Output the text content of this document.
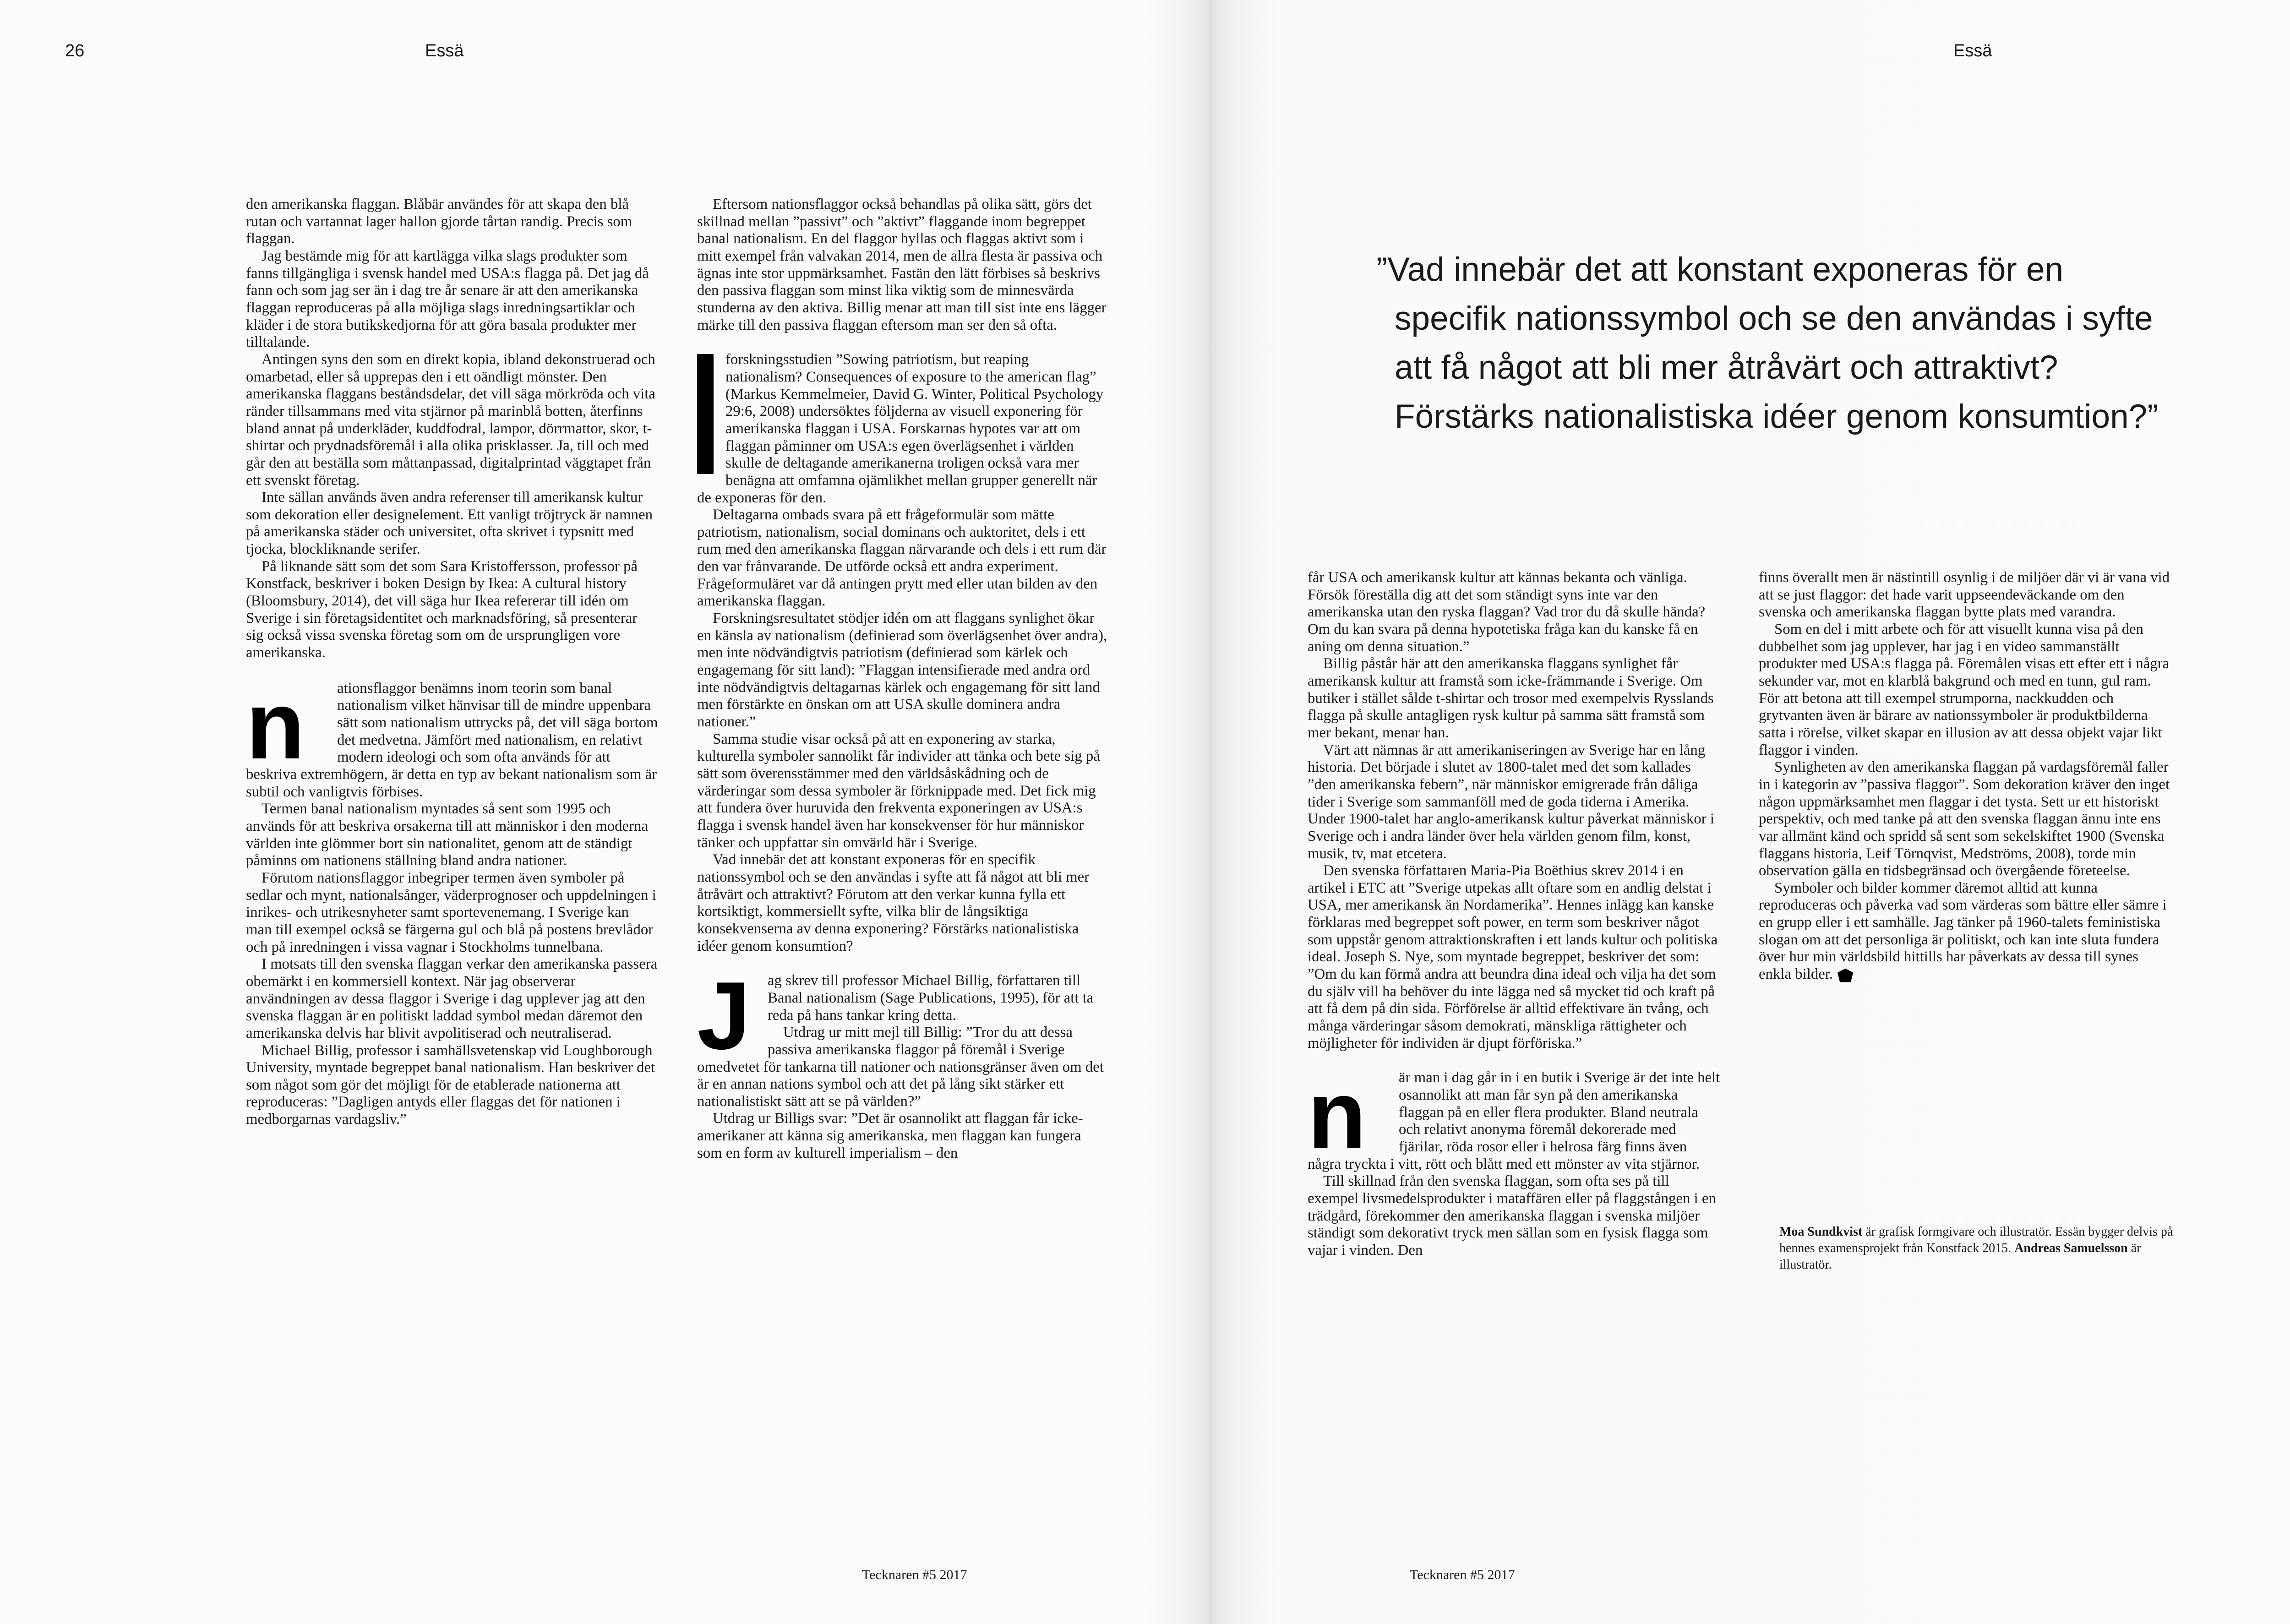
26	Essä

den amerikanska flaggan. Blåbär användes för att skapa den blå rutan och vartannat lager hallon gjorde tårtan randig. Precis som flaggan.

Jag bestämde mig för att kartlägga vilka slags produkter som fanns tillgängliga i svensk handel med USA:s flagga på. Det jag då fann och som jag ser än i dag tre år senare är att den amerikanska flaggan reproduceras på alla möjliga slags inredningsartiklar och kläder i de stora butikskedjorna för att göra basala produkter mer tilltalande.

Antingen syns den som en direkt kopia, ibland dekonstruerad och omarbetad, eller så upprepas den i ett oändligt mönster. Den amerikanska flaggans beståndsdelar, det vill säga mörkröda och vita ränder tillsammans med vita stjärnor på marinblå botten, återfinns bland annat på underkläder, kuddfodral, lampor, dörrmattor, skor, t-shirtar och prydnadsföremål i alla olika prisklasser. Ja, till och med går den att beställa som måttanpassad, digitalprintad väggtapet från ett svenskt företag.

Inte sällan används även andra referenser till amerikansk kultur som dekoration eller designelement. Ett vanligt tröjtryck är namnen på amerikanska städer och universitet, ofta skrivet i typsnitt med tjocka, blockliknande serifer.

På liknande sätt som det som Sara Kristoffersson, professor på Konstfack, beskriver i boken Design by Ikea: A cultural history (Bloomsbury, 2014), det vill säga hur Ikea refererar till idén om Sverige i sin företagsidentitet och marknadsföring, så presenterar sig också vissa svenska företag som om de ursprungligen vore amerikanska.

n	ationsflaggor benämns inom teorin som banal nationalism vilket hänvisar till de mindre uppenbara sätt som nationalism uttrycks på, det vill säga bortom det medvetna. Jämfört med nationalism, en relativt modern ideologi och som ofta används för att beskriva extremhögern, är detta en typ av bekant nationalism som är subtil och vanligtvis förbises.

Termen banal nationalism myntades så sent som 1995 och används för att beskriva orsakerna till att människor i den moderna världen inte glömmer bort sin nationalitet, genom att de ständigt påminns om nationens ställning bland andra nationer.

Förutom nationsflaggor inbegriper termen även symboler på sedlar och mynt, nationalsånger, väderprognoser och uppdelningen i inrikes- och utrikesnyheter samt sportevenemang. I Sverige kan man till exempel också se färgerna gul och blå på postens brevlådor och på inredningen i vissa vagnar i Stockholms tunnelbana.

I motsats till den svenska flaggan verkar den amerikanska passera obemärkt i en kommersiell kontext. När jag observerar användningen av dessa flaggor i Sverige i dag upplever jag att den svenska flaggan är en politiskt laddad symbol medan däremot den amerikanska delvis har blivit avpolitiserad och neutraliserad.

Michael Billig, professor i samhällsvetenskap vid Loughborough University, myntade begreppet banal nationalism. Han beskriver det som något som gör det möjligt för de etablerade nationerna att reproduceras: ”Dagligen antyds eller flaggas det för nationen i medborgarnas vardagsliv.”

Eftersom nationsflaggor också behandlas på olika sätt, görs det skillnad mellan ”passivt” och ”aktivt” flaggande inom begreppet banal nationalism. En del flaggor hyllas och flaggas aktivt som i mitt exempel från valvakan 2014, men de allra flesta är passiva och ägnas inte stor uppmärksamhet. Fastän den lätt förbises så beskrivs den passiva flaggan som minst lika viktig som de minnesvärda stunderna av den aktiva. Billig menar att man till sist inte ens lägger märke till den passiva flaggan eftersom man ser den så ofta.

forskningsstudien ”Sowing patriotism, but reaping nationalism? Consequences of exposure to the american flag” (Markus Kemmelmeier, David G. Winter, Political Psychology 29:6, 2008) undersöktes följderna av visuell exponering för amerikanska flaggan i USA. Forskarnas hypotes var att om flaggan påminner om USA:s egen överlägsenhet i världen skulle de deltagande amerikanerna troligen också vara mer benägna att omfamna ojämlikhet mellan grupper generellt när de exponeras för den.

Deltagarna ombads svara på ett frågeformulär som mätte patriotism, nationalism, social dominans och auktoritet, dels i ett rum med den amerikanska flaggan närvarande och dels i ett rum där den var frånvarande. De utförde också ett andra experiment. Frågeformuläret var då antingen prytt med eller utan bilden av den amerikanska flaggan.

Forskningsresultatet stödjer idén om att flaggans synlighet ökar en känsla av nationalism (definierad som överlägsenhet över andra), men inte nödvändigtvis patriotism (definierad som kärlek och engagemang för sitt land): ”Flaggan intensifierade med andra ord inte nödvändigtvis deltagarnas kärlek och engagemang för sitt land men förstärkte en önskan om att USA skulle dominera andra nationer.”

Samma studie visar också på att en exponering av starka, kulturella symboler sannolikt får individer att tänka och bete sig på sätt som överensstämmer med den världsåskådning och de värderingar som dessa symboler är förknippade med. Det fick mig att fundera över huruvida den frekventa exponeringen av USA:s flagga i svensk handel även har konsekvenser för hur människor tänker och uppfattar sin omvärld här i Sverige.

Vad innebär det att konstant exponeras för en specifik nationssymbol och se den användas i syfte att få något att bli mer åtråvärt och attraktivt? Förutom att den verkar kunna fylla ett kortsiktigt, kommersiellt syfte, vilka blir de långsiktiga konsekvenserna av denna exponering? Förstärks nationalistiska idéer genom konsumtion?

J	ag skrev till professor Michael Billig, författaren till Banal nationalism (Sage Publications, 1995), för att ta reda på hans tankar kring detta.

Utdrag ur mitt mejl till Billig: ”Tror du att dessa passiva amerikanska flaggor på föremål i Sverige omedvetet för tankarna till nationer och nationsgränser även om det är en annan nations symbol och att det på lång sikt stärker ett nationalistiskt sätt att se på världen?”

Utdrag ur Billigs svar: ”Det är osannolikt att flaggan får icke-amerikaner att känna sig amerikanska, men flaggan kan fungera som en form av kulturell imperialism – den

Tecknaren #5 2017
Essä
Tecknaren #5 2017
”Vad innebär det att konstant exponeras för en
specifik nationssymbol och se den användas i syfte
att få något att bli mer åtråvärt och attraktivt?
Förstärks nationalistiska idéer genom konsumtion?”

får USA och amerikansk kultur att kännas bekanta och vänliga. Försök föreställa dig att det som ständigt syns inte var den amerikanska utan den ryska flaggan? Vad tror du då skulle hända? Om du kan svara på denna hypotetiska fråga kan du kanske få en aning om denna situation.”

Billig påstår här att den amerikanska flaggans synlighet får amerikansk kultur att framstå som icke-främmande i Sverige. Om butiker i stället sålde t-shirtar och trosor med exempelvis Rysslands flagga på skulle antagligen rysk kultur på samma sätt framstå som mer bekant, menar han.

Värt att nämnas är att amerikaniseringen av Sverige har en lång historia. Det började i slutet av 1800-talet med det som kallades ”den amerikanska febern”, när människor emigrerade från dåliga tider i Sverige som sammanföll med de goda tiderna i Amerika. Under 1900-talet har anglo-amerikansk kultur påverkat människor i Sverige och i andra länder över hela världen genom film, konst, musik, tv, mat etcetera.

Den svenska författaren Maria-Pia Boëthius skrev 2014 i en artikel i ETC att ”Sverige utpekas allt oftare som en andlig delstat i USA, mer amerikansk än Nordamerika”. Hennes inlägg kan kanske förklaras med begreppet soft power, en term som beskriver något som uppstår genom attraktionskraften i ett lands kultur och politiska ideal. Joseph S. Nye, som myntade begreppet, beskriver det som: ”Om du kan förmå andra att beundra dina ideal och vilja ha det som du själv vill ha behöver du inte lägga ned så mycket tid och kraft på att få dem på din sida. Förförelse är alltid effektivare än tvång, och många värderingar såsom demokrati, mänskliga rättigheter och möjligheter för individen är djupt förföriska.”

n	är man i dag går in i en butik i Sverige är det inte helt osannolikt att man får syn på den amerikanska flaggan på en eller flera produkter. Bland neutrala och relativt anonyma föremål dekorerade med fjärilar, röda rosor eller i helrosa färg finns även några tryckta i vitt, rött och blått med ett mönster av vita stjärnor.

Till skillnad från den svenska flaggan, som ofta ses på till exempel livsmedelsprodukter i mataffären eller på flaggstången i en trädgård, förekommer den amerikanska flaggan i svenska miljöer ständigt som dekorativt tryck men sällan som en fysisk flagga som vajar i vinden. Den

finns överallt men är nästintill osynlig i de miljöer där vi är vana vid att se just flaggor: det hade varit uppseendeväckande om den svenska och amerikanska flaggan bytte plats med varandra.

Som en del i mitt arbete och för att visuellt kunna visa på den dubbelhet som jag upplever, har jag i en video sammanställt produkter med USA:s flagga på. Föremålen visas ett efter ett i några sekunder var, mot en klarblå bakgrund och med en tunn, gul ram. För att betona att till exempel strumporna, nackkudden och grytvanten även är bärare av nationssymboler är produktbilderna satta i rörelse, vilket skapar en illusion av att dessa objekt vajar likt flaggor i vinden.

Synligheten av den amerikanska flaggan på vardagsföremål faller in i kategorin av ”passiva flaggor”. Som dekoration kräver den inget någon uppmärksamhet men flaggar i det tysta. Sett ur ett historiskt perspektiv, och med tanke på att den svenska flaggan ännu inte ens var allmänt känd och spridd så sent som sekelskiftet 1900 (Svenska flaggans historia, Leif Törnqvist, Medströms, 2008), torde min observation gälla en tidsbegränsad och övergående företeelse.

Symboler och bilder kommer däremot alltid att kunna reproduceras och påverka vad som värderas som bättre eller sämre i en grupp eller i ett samhälle. Jag tänker på 1960-talets feministiska slogan om att det personliga är politiskt, och kan inte sluta fundera över hur min världsbild hittills har påverkats av dessa till synes enkla bilder.

Moa Sundkvist är grafisk formgivare och illustratör. Essän bygger delvis på hennes examensprojekt från Konstfack 2015. Andreas Samuelsson är illustratör.
